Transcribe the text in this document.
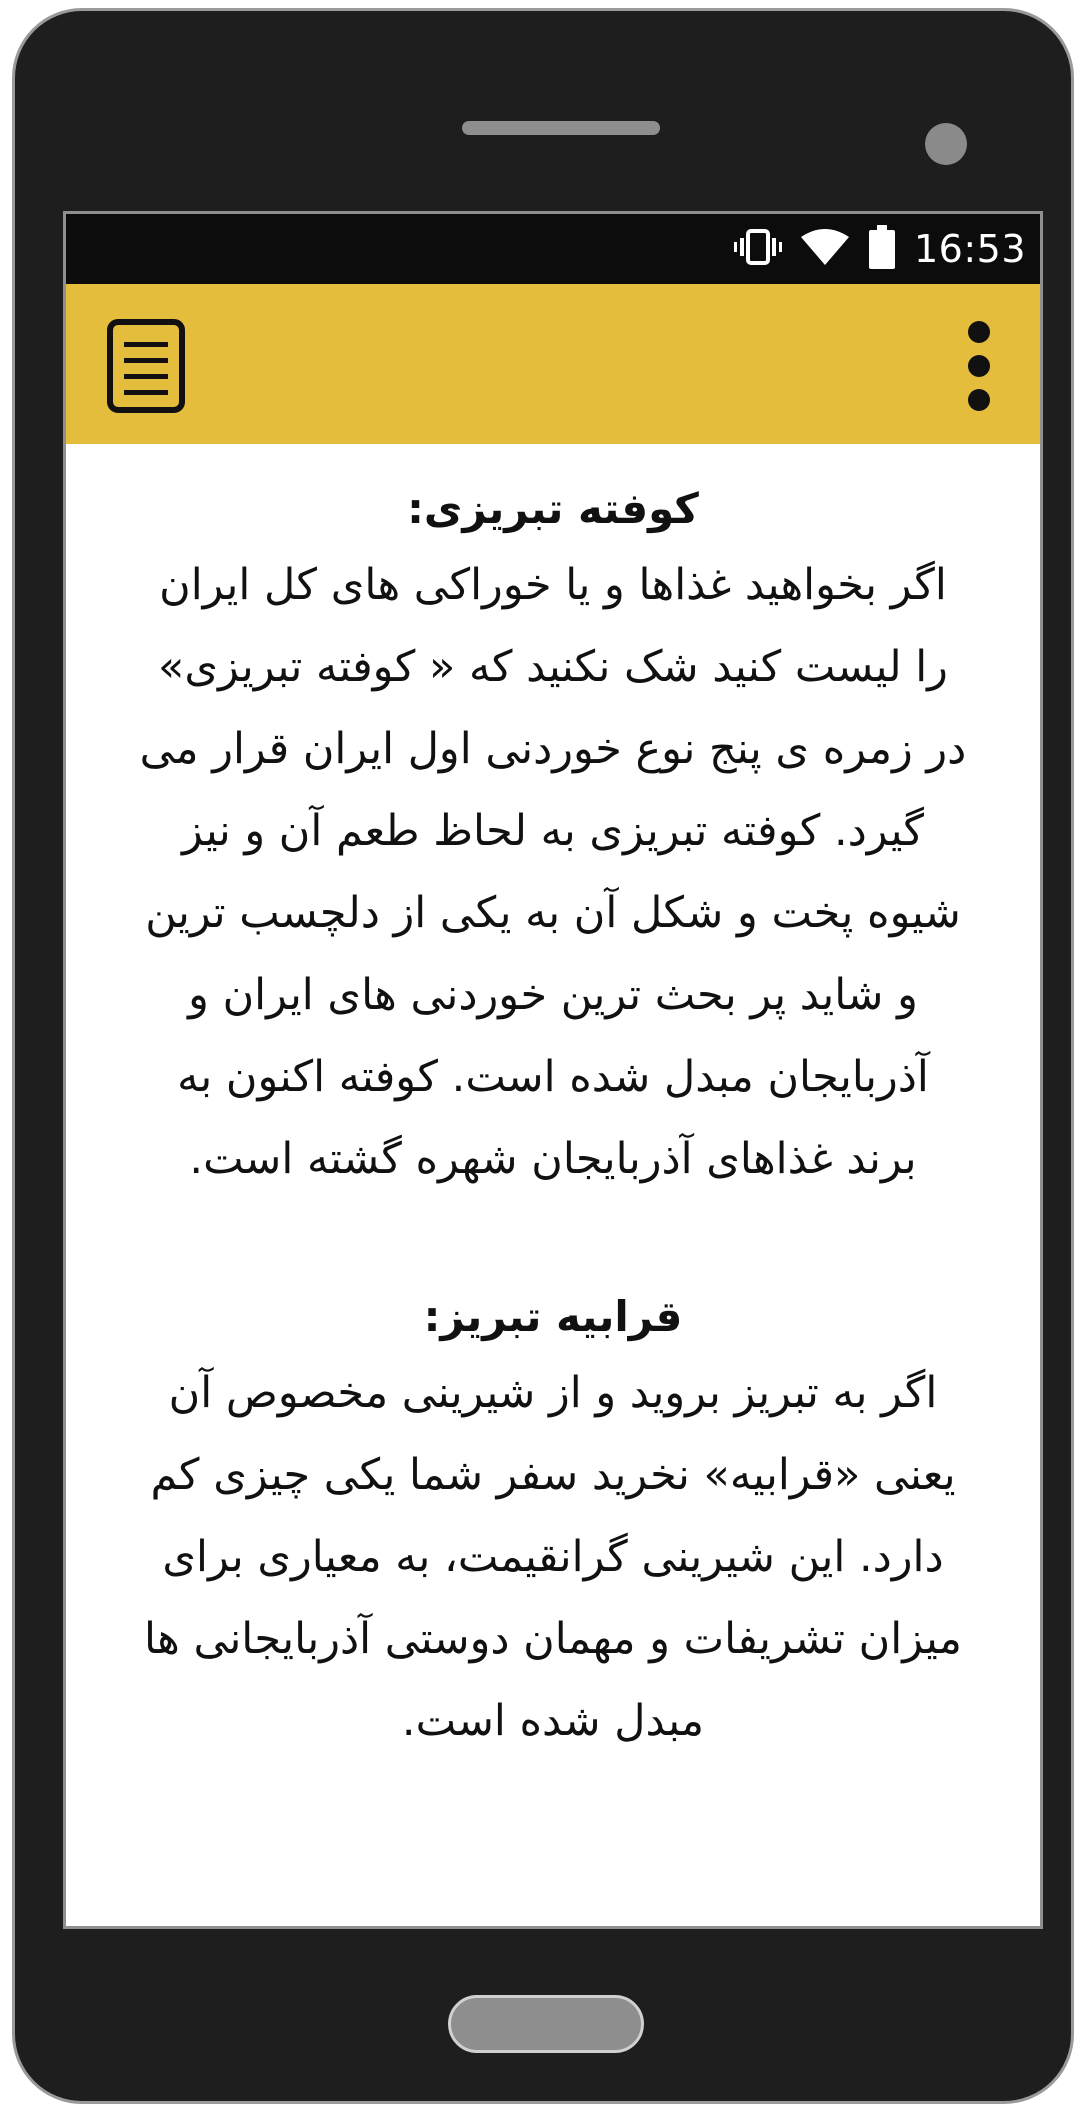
16:53
کوفته تبریزی:

اگر بخواهید غذاها و یا خوراکی های کل ایران را لیست کنید شک نکنید که « کوفته تبریزی» در زمره ی پنج نوع خوردنی اول ایران قرار می گیرد. کوفته تبریزی به لحاظ طعم آن و نیز شیوه پخت و شکل آن به یکی از دلچسب ترین و شاید پر بحث ترین خوردنی های ایران و آذربایجان مبدل شده است. کوفته اکنون به برند غذاهای آذربایجان شهره گشته است.

قرابیه تبریز:

اگر به تبریز بروید و از شیرینی مخصوص آن یعنی «قرابیه» نخرید سفر شما یکی چیزی کم دارد. این شیرینی گرانقیمت، به معیاری برای میزان تشریفات و مهمان دوستی آذربایجانی ها مبدل شده است.
